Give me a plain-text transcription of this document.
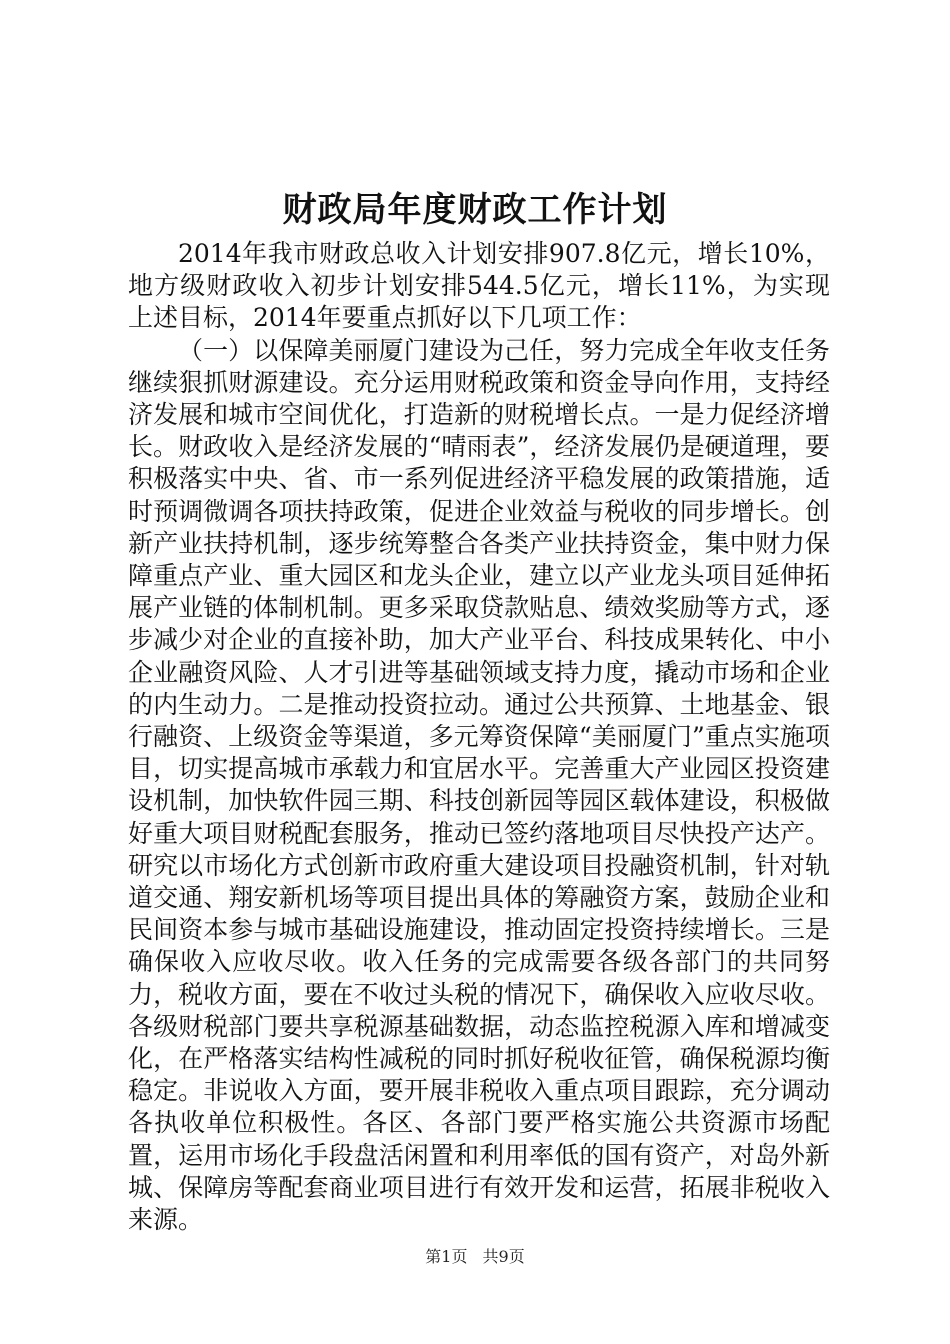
财政局年度财政工作计划

2014年我市财政总收入计划安排907.8亿元，增长10%，地方级财政收入初步计划安排544.5亿元，增长11%，为实现上述目标，2014年要重点抓好以下几项工作：

（一）以保障美丽厦门建设为己任，努力完成全年收支任务继续狠抓财源建设。充分运用财税政策和资金导向作用，支持经济发展和城市空间优化，打造新的财税增长点。一是力促经济增长。财政收入是经济发展的“晴雨表”，经济发展仍是硬道理，要积极落实中央、省、市一系列促进经济平稳发展的政策措施，适时预调微调各项扶持政策，促进企业效益与税收的同步增长。创新产业扶持机制，逐步统筹整合各类产业扶持资金，集中财力保障重点产业、重大园区和龙头企业，建立以产业龙头项目延伸拓展产业链的体制机制。更多采取贷款贴息、绩效奖励等方式，逐步减少对企业的直接补助，加大产业平台、科技成果转化、中小企业融资风险、人才引进等基础领域支持力度，撬动市场和企业的内生动力。二是推动投资拉动。通过公共预算、土地基金、银行融资、上级资金等渠道，多元筹资保障“美丽厦门”重点实施项目，切实提高城市承载力和宜居水平。完善重大产业园区投资建设机制，加快软件园三期、科技创新园等园区载体建设，积极做好重大项目财税配套服务，推动已签约落地项目尽快投产达产。研究以市场化方式创新市政府重大建设项目投融资机制，针对轨道交通、翔安新机场等项目提出具体的筹融资方案，鼓励企业和民间资本参与城市基础设施建设，推动固定投资持续增长。三是确保收入应收尽收。收入任务的完成需要各级各部门的共同努力，税收方面，要在不收过头税的情况下，确保收入应收尽收。各级财税部门要共享税源基础数据，动态监控税源入库和增减变化，在严格落实结构性减税的同时抓好税收征管，确保税源均衡稳定。非说收入方面，要开展非税收入重点项目跟踪，充分调动各执收单位积极性。各区、各部门要严格实施公共资源市场配置，运用市场化手段盘活闲置和利用率低的国有资产，对岛外新城、保障房等配套商业项目进行有效开发和运营，拓展非税收入来源。

第1页 共9页
